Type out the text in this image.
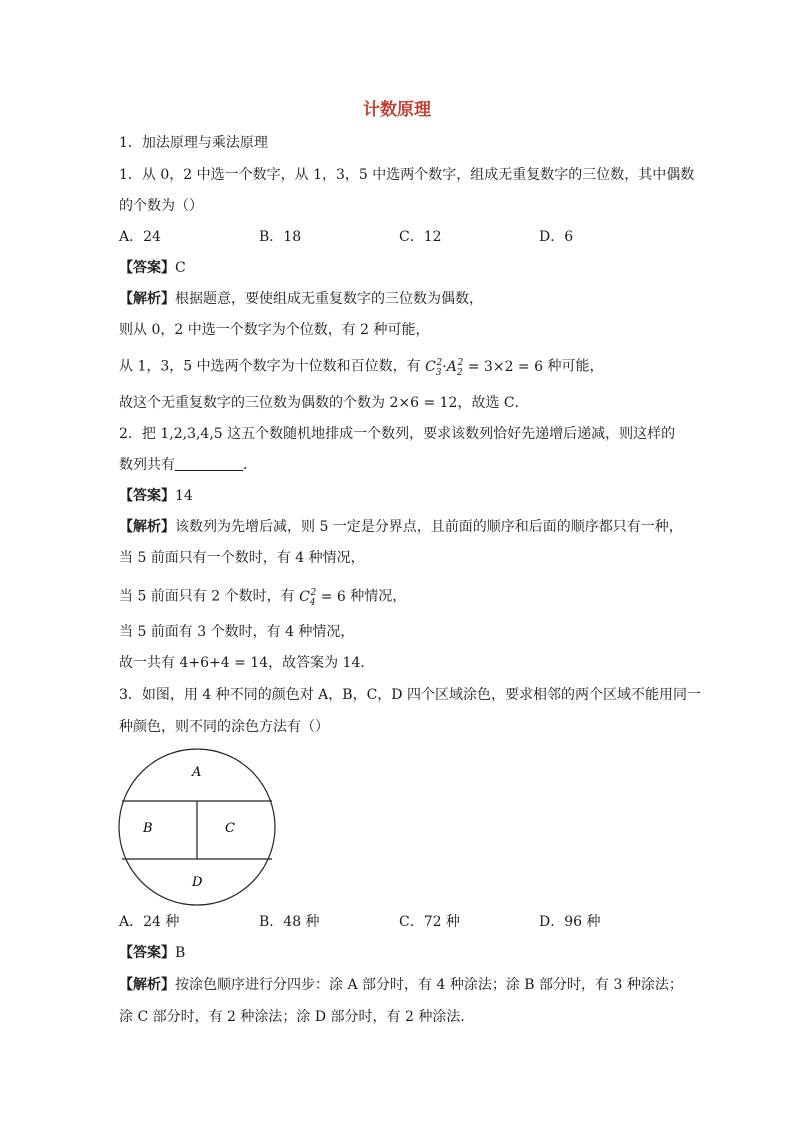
计数原理
1．加法原理与乘法原理
1．从 0，2 中选一个数字，从 1，3，5 中选两个数字，组成无重复数字的三位数，其中偶数
的个数为（）
A．24	B．18	C．12	D．6
【答案】C
【解析】根据题意，要使组成无重复数字的三位数为偶数，
则从 0，2 中选一个数字为个位数，有 2 种可能，
从 1，3，5 中选两个数字为十位数和百位数，有 $C_3^2\cdot A_2^2 = 3\times 2 = 6$ 种可能，
故这个无重复数字的三位数为偶数的个数为 2×6 = 12，故选 C．
2．把 1,2,3,4,5 这五个数随机地排成一个数列，要求该数列恰好先递增后递减，则这样的
数列共有	．
【答案】14
【解析】该数列为先增后减，则 5 一定是分界点，且前面的顺序和后面的顺序都只有一种，
当 5 前面只有一个数时，有 4 种情况，
当 5 前面只有 2 个数时，有 $C_4^2 = 6$ 种情况，
当 5 前面有 3 个数时，有 4 种情况，
故一共有 4+6+4 = 14，故答案为 14．
3．如图，用 4 种不同的颜色对 A，B，C，D 四个区域涂色，要求相邻的两个区域不能用同一
种颜色，则不同的涂色方法有（）
A
B	C
D
A．24 种	B．48 种	C．72 种	D．96 种
【答案】B
【解析】按涂色顺序进行分四步：涂 A 部分时，有 4 种涂法；涂 B 部分时，有 3 种涂法；
涂 C 部分时，有 2 种涂法；涂 D 部分时，有 2 种涂法．
